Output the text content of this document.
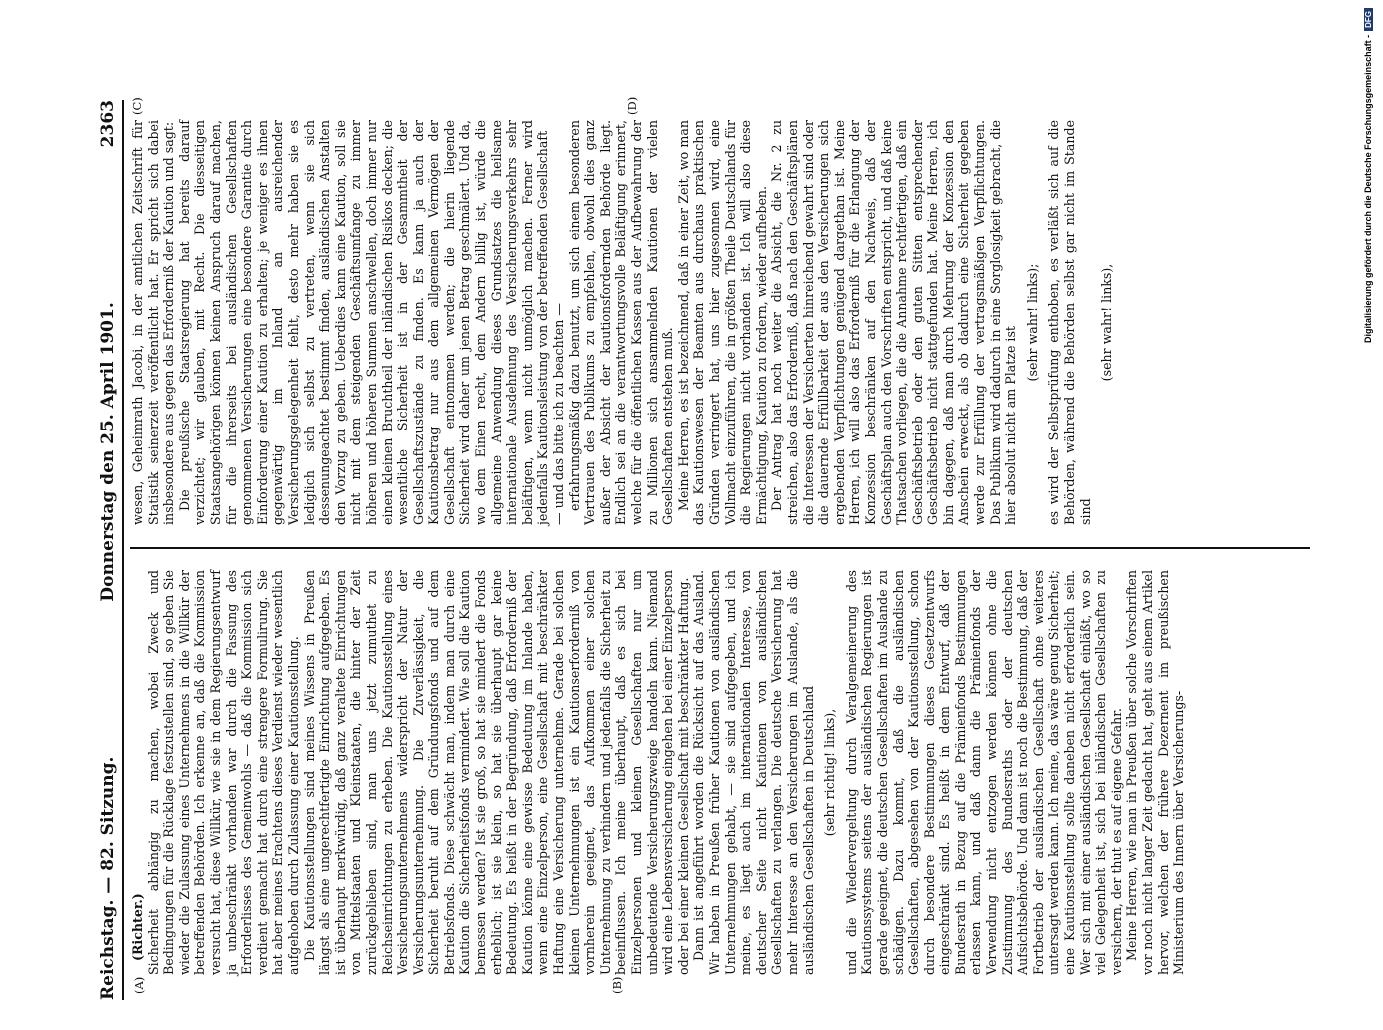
Reichstag. — 82. Sitzung.
Donnerstag den 25. April 1901.
2363
(A)	(B)

(Richter.) Sicherheit abhängig zu machen, wobei Zweck und Bedingungen für die Rücklage festzustellen sind, so geben Sie wieder die Zulassung eines Unternehmens in die Willkür der betreffenden Behörden. Ich erkenne an, daß die Kommission versucht hat, diese Willkür, wie sie in dem Regierungsentwurf ja unbeschränkt vorhanden war durch die Fassung des Erforderlisses des Gemeinwohls — daß die Kommission sich verdient gemacht hat durch eine strengere Formulirung. Sie hat aber meines Erachtens dieses Verdienst wieder wesentlich aufgehoben durch Zulassung einer Kautionsstellung. Die Kautionsstellungen sind meines Wissens in Preußen längst als eine ungerechtfertigte Einrichtung aufgegeben. Es ist überhaupt merkwürdig, daß ganz veraltete Einrichtungen von Mittelstaaten und Kleinstaaten, die hinter der Zeit zurückgeblieben sind, man uns jetzt zumuthet zu Reichseinrichtungen zu erheben. Die Kautionsstellung eines Versicherungsunternehmens widerspricht der Natur der Versicherungsunternehmung. Die Zuverlässigkeit, die Sicherheit beruht auf dem Gründungsfonds und auf dem Betriebsfonds. Diese schwächt man, indem man durch eine Kaution die Sicherheitsfonds vermindert. Wie soll die Kaution bemessen werden? Ist sie groß, so hat sie mindert die Fonds erheblich; ist sie klein, so hat sie überhaupt gar keine Bedeutung. Es heißt in der Begründung, daß Erforderniß der Kaution könne eine gewisse Bedeutung im Inlande haben, wenn eine Einzelperson, eine Gesellschaft mit beschränkter Haftung eine Versicherung unternehme. Gerade bei solchen kleinen Unternehmungen ist ein Kautionserforderniß von vornherein geeignet, das Aufkommen einer solchen Unternehmung zu verhindern und jedenfalls die Sicherheit zu beeinflussen. Ich meine überhaupt, daß es sich bei Einzelpersonen und kleinen Gesellschaften nur um unbedeutende Versicherungszweige handeln kann. Niemand wird eine Lebensversicherung eingehen bei einer Einzelperson oder bei einer kleinen Gesellschaft mit beschränkter Haftung. Dann ist angeführt worden die Rücksicht auf das Ausland. Wir haben in Preußen früher Kautionen von ausländischen Unternehmungen gehabt, — sie sind aufgegeben, und ich meine, es liegt auch im internationalen Interesse, von deutscher Seite nicht Kautionen von ausländischen Gesellschaften zu verlangen. Die deutsche Versicherung hat mehr Interesse an den Versicherungen im Auslande, als die ausländischen Gesellschaften in Deutschland (sehr richtig! links), und die Wiedervergeltung durch Veralgemeinerung des Kautionssystems seitens der ausländischen Regierungen ist gerade geeignet, die deutschen Gesellschaften im Auslande zu schädigen. Dazu kommt, daß die ausländischen Gesellschaften, abgesehen von der Kautionsstellung, schon durch besondere Bestimmungen dieses Gesetzentwurfs eingeschränkt sind. Es heißt in dem Entwurf, daß der Bundesrath in Bezug auf die Prämienfonds Bestimmungen erlassen kann, und daß dann die Prämienfonds der Verwendung nicht entzogen werden können ohne die Zustimmung des Bundesraths oder der deutschen Aufsichtsbehörde. Und dann ist noch die Bestimmung, daß der Fortbetrieb der ausländischen Gesellschaft ohne weiteres untersagt werden kann. Ich meine, das wäre genug Sicherheit; eine Kautionsstellung sollte daneben nicht erforderlich sein. Wer sich mit einer ausländischen Gesellschaft einläßt, wo so viel Gelegenheit ist, sich bei inländischen Gesellschaften zu versichern, der thut es auf eigene Gefahr. Meine Herren, wie man in Preußen über solche Vorschriften vor noch nicht langer Zeit gedacht hat, geht aus einem Artikel hervor, welchen der frühere Dezernent im preußischen Ministerium des Innern über Versicherungs-

(C)	(D)

wesen, Geheimrath Jacobi, in der amtlichen Zeitschrift für Statistik seinerzeit veröffentlicht hat. Er spricht sich dabei insbesondere aus gegen das Erforderniß der Kaution und sagt: Die preußische Staatsregierung hat bereits darauf verzichtet; wir glauben, mit Recht. Die diesseitigen Staatsangehörigen können keinen Anspruch darauf machen, für die ihrerseits bei ausländischen Gesellschaften genommenen Versicherungen eine besondere Garantie durch Einforderung einer Kaution zu erhalten; je weniger es ihnen gegenwärtig im Inland an ausreichender Versicherungsgelegenheit fehlt, desto mehr haben sie es lediglich sich selbst zu vertreten, wenn sie sich dessenungeachtet bestimmt finden, ausländischen Anstalten den Vorzug zu geben. Ueberdies kann eine Kaution, soll sie nicht mit dem steigenden Geschäftsumfange zu immer höheren und höheren Summen anschwellen, doch immer nur einen kleinen Bruchtheil der inländischen Risikos decken; die wesentliche Sicherheit ist in der Gesammtheit der Gesellschaftszustände zu finden. Es kann ja auch der Kautionsbetrag nur aus dem allgemeinen Vermögen der Gesellschaft entnommen werden; die hierin liegende Sicherheit wird daher um jenen Betrag geschmälert. Und da, wo dem Einen recht, dem Andern billig ist, würde die allgemeine Anwendung dieses Grundsatzes die heilsame internationale Ausdehnung des Versicherungsverkehrs sehr beläftigen, wenn nicht unmöglich machen. Ferner wird jedenfalls Kautionsleistung von der betreffenden Gesellschaft — und das bitte ich zu beachten — erfahrungsmäßig dazu benutzt, um sich einem besonderen Vertrauen des Publikums zu empfehlen, obwohl dies ganz außer der Absicht der kautionsfordernden Behörde liegt. Endlich sei an die verantwortungsvolle Beläftigung erinnert, welche für die öffentlichen Kassen aus der Aufbewahrung der zu Millionen sich ansammelnden Kautionen der vielen Gesellschaften entstehen muß. Meine Herren, es ist bezeichnend, daß in einer Zeit, wo man das Kautionswesen der Beamten aus durchaus praktischen Gründen verringert hat, uns hier zugesonnen wird, eine Vollmacht einzuführen, die in größten Theile Deutschlands für die Regierungen nicht vorhanden ist. Ich will also diese Ermächtigung, Kaution zu fordern, wieder aufheben. Der Antrag hat noch weiter die Absicht, die Nr. 2 zu streichen, also das Erforderniß, daß nach den Geschäftsplänen die Interessen der Versicherten hinreichend gewahrt sind oder die dauernde Erfüllbarkeit der aus den Versicherungen sich ergebenden Verpflichtungen genügend dargethan ist. Meine Herren, ich will also das Erforderniß für die Erlangung der Konzession beschränken auf den Nachweis, daß der Geschäftsplan auch den Vorschriften entspricht, und daß keine Thatsachen vorliegen, die die Annahme rechtfertigen, daß ein Geschäftsbetrieb oder den guten Sitten entsprechender Geschäftsbetrieb nicht stattgefunden hat. Meine Herren, ich bin dagegen, daß man durch Mehrung der Konzession den Anschein erweckt, als ob dadurch eine Sicherheit gegeben werde zur Erfüllung der vertragsmäßigen Verpflichtungen. Das Publikum wird dadurch in eine Sorglosigkeit gebracht, die hier absolut nicht am Platze ist

(sehr wahr! links); es wird der Selbstprüfung enthoben, es verläßt sich auf die Behörden, während die Behörden selbst gar nicht im Stande sind

(sehr wahr! links),	Digitalisierung gefördert durch die Deutsche Forschungsgemeinschaft -
DFG
